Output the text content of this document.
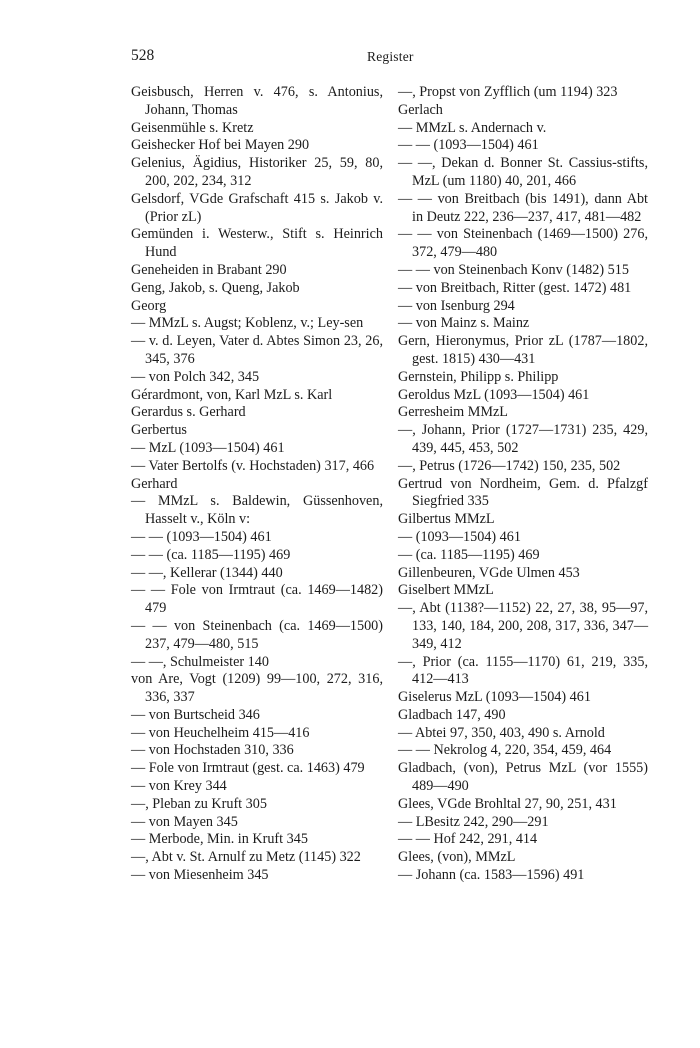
528	Register
Geisbusch, Herren v. 476, s. Antonius, Johann, Thomas
Geisenmühle s. Kretz
Geishecker Hof bei Mayen 290
Gelenius, Ägidius, Historiker 25, 59, 80, 200, 202, 234, 312
Gelsdorf, VGde Grafschaft 415 s. Jakob v. (Prior zL)
Gemünden i. Westerw., Stift s. Heinrich Hund
Geneheiden in Brabant 290
Geng, Jakob, s. Queng, Jakob
Georg
— MMzL s. Augst; Koblenz, v.; Ley-sen
— v. d. Leyen, Vater d. Abtes Simon 23, 26, 345, 376
— von Polch 342, 345
Gérardmont, von, Karl MzL s. Karl
Gerardus s. Gerhard
Gerbertus
— MzL (1093—1504) 461
— Vater Bertolfs (v. Hochstaden) 317, 466
Gerhard
— MMzL s. Baldewin, Güssenhoven, Hasselt v., Köln v:
— — (1093—1504) 461
— — (ca. 1185—1195) 469
— —, Kellerar (1344) 440
— — Fole von Irmtraut (ca. 1469—1482) 479
— — von Steinenbach (ca. 1469—1500) 237, 479—480, 515
— —, Schulmeister 140
von Are, Vogt (1209) 99—100, 272, 316, 336, 337
— von Burtscheid 346
— von Heuchelheim 415—416
— von Hochstaden 310, 336
— Fole von Irmtraut (gest. ca. 1463) 479
— von Krey 344
—, Pleban zu Kruft 305
— von Mayen 345
— Merbode, Min. in Kruft 345
—, Abt v. St. Arnulf zu Metz (1145) 322
— von Miesenheim 345
—, Propst von Zyfflich (um 1194) 323
Gerlach
— MMzL s. Andernach v.
— — (1093—1504) 461
— —, Dekan d. Bonner St. Cassius-stifts, MzL (um 1180) 40, 201, 466
— — von Breitbach (bis 1491), dann Abt in Deutz 222, 236—237, 417, 481—482
— — von Steinenbach (1469—1500) 276, 372, 479—480
— — von Steinenbach Konv (1482) 515
— von Breitbach, Ritter (gest. 1472) 481
— von Isenburg 294
— von Mainz s. Mainz
Gern, Hieronymus, Prior zL (1787—1802, gest. 1815) 430—431
Gernstein, Philipp s. Philipp
Geroldus MzL (1093—1504) 461
Gerresheim MMzL
—, Johann, Prior (1727—1731) 235, 429, 439, 445, 453, 502
—, Petrus (1726—1742) 150, 235, 502
Gertrud von Nordheim, Gem. d. Pfalzgf Siegfried 335
Gilbertus MMzL
— (1093—1504) 461
— (ca. 1185—1195) 469
Gillenbeuren, VGde Ulmen 453
Giselbert MMzL
—, Abt (1138?—1152) 22, 27, 38, 95—97, 133, 140, 184, 200, 208, 317, 336, 347—349, 412
—, Prior (ca. 1155—1170) 61, 219, 335, 412—413
Giselerus MzL (1093—1504) 461
Gladbach 147, 490
— Abtei 97, 350, 403, 490 s. Arnold
— — Nekrolog 4, 220, 354, 459, 464
Gladbach, (von), Petrus MzL (vor 1555) 489—490
Glees, VGde Brohltal 27, 90, 251, 431
— LBesitz 242, 290—291
— — Hof 242, 291, 414
Glees, (von), MMzL
— Johann (ca. 1583—1596) 491
